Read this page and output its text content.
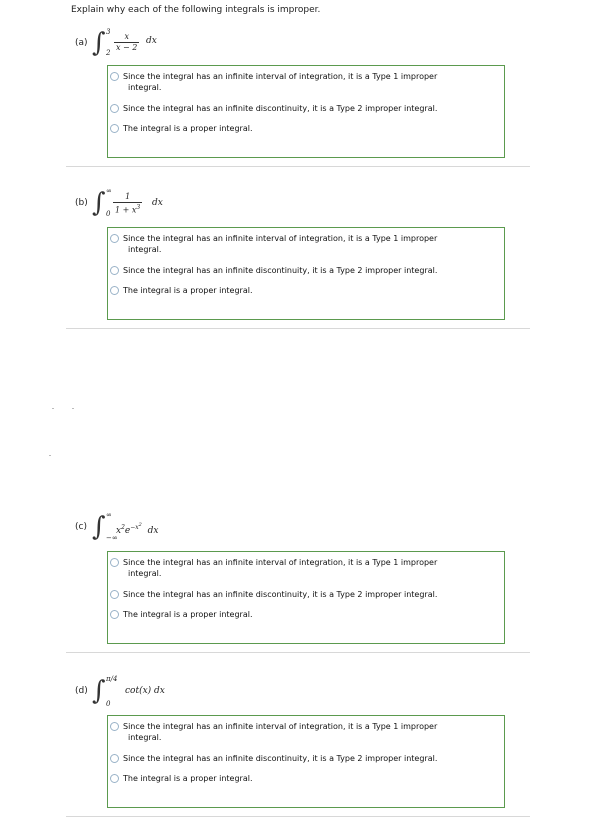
Explain why each of the following integrals is improper.
(a) ∫ 3
$2 \frac{x}{x - 2}$ dx
Since the integral has an infinite interval of integration, it is a Type 1 improper
integral.
Since the integral has an infinite discontinuity, it is a Type 2 improper integral.
The integral is a proper integral.
(b) ∫ ∞
$0 \frac{1}{1 + x^3}$ dx
Since the integral has an infinite interval of integration, it is a Type 1 improper
integral.
Since the integral has an infinite discontinuity, it is a Type 2 improper integral.
The integral is a proper integral.
(c) ∫ ∞
−∞
$x^2e^{-x^2}$  dx
Since the integral has an infinite interval of integration, it is a Type 1 improper
integral.
Since the integral has an infinite discontinuity, it is a Type 2 improper integral.
The integral is a proper integral.
(d) ∫ π/4
0
cot(x) dx
Since the integral has an infinite interval of integration, it is a Type 1 improper
integral.
Since the integral has an infinite discontinuity, it is a Type 2 improper integral.
The integral is a proper integral.
